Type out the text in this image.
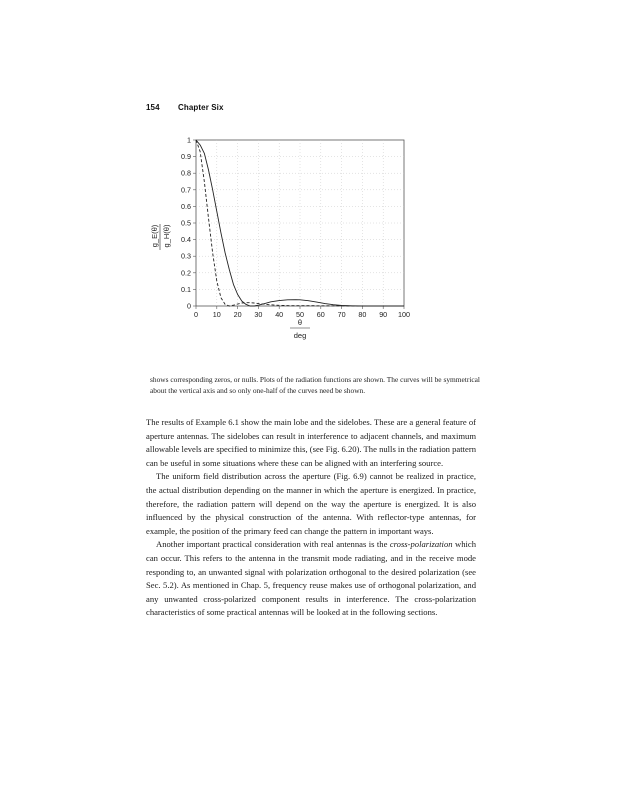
154 Chapter Six
0 10 20 30 40 50 60 70 80 90 100
0
0.1
0.2
0.3
0.4
0.5
0.6
0.7
0.8
0.9
1
g_E(θ) g_H(θ)
θ
deg
shows corresponding zeros, or nulls. Plots of the radiation functions are shown. The curves will be symmetrical about the vertical axis and so only one-half of the curves need be shown.

The results of Example 6.1 show the main lobe and the sidelobes. These are a general feature of aperture antennas. The sidelobes can result in interference to adjacent channels, and maximum allowable levels are specified to minimize this, (see Fig. 6.20). The nulls in the radiation pattern can be useful in some situations where these can be aligned with an interfering source.

The uniform field distribution across the aperture (Fig. 6.9) cannot be realized in practice, the actual distribution depending on the manner in which the aperture is energized. In practice, therefore, the radiation pattern will depend on the way the aperture is energized. It is also influenced by the physical construction of the antenna. With reflector-type antennas, for example, the position of the primary feed can change the pattern in important ways.

Another important practical consideration with real antennas is the cross-polarization which can occur. This refers to the antenna in the transmit mode radiating, and in the receive mode responding to, an unwanted signal with polarization orthogonal to the desired polarization (see Sec. 5.2). As mentioned in Chap. 5, frequency reuse makes use of orthogonal polarization, and any unwanted cross-polarized component results in interference. The cross-polarization characteristics of some practical antennas will be looked at in the following sections.
